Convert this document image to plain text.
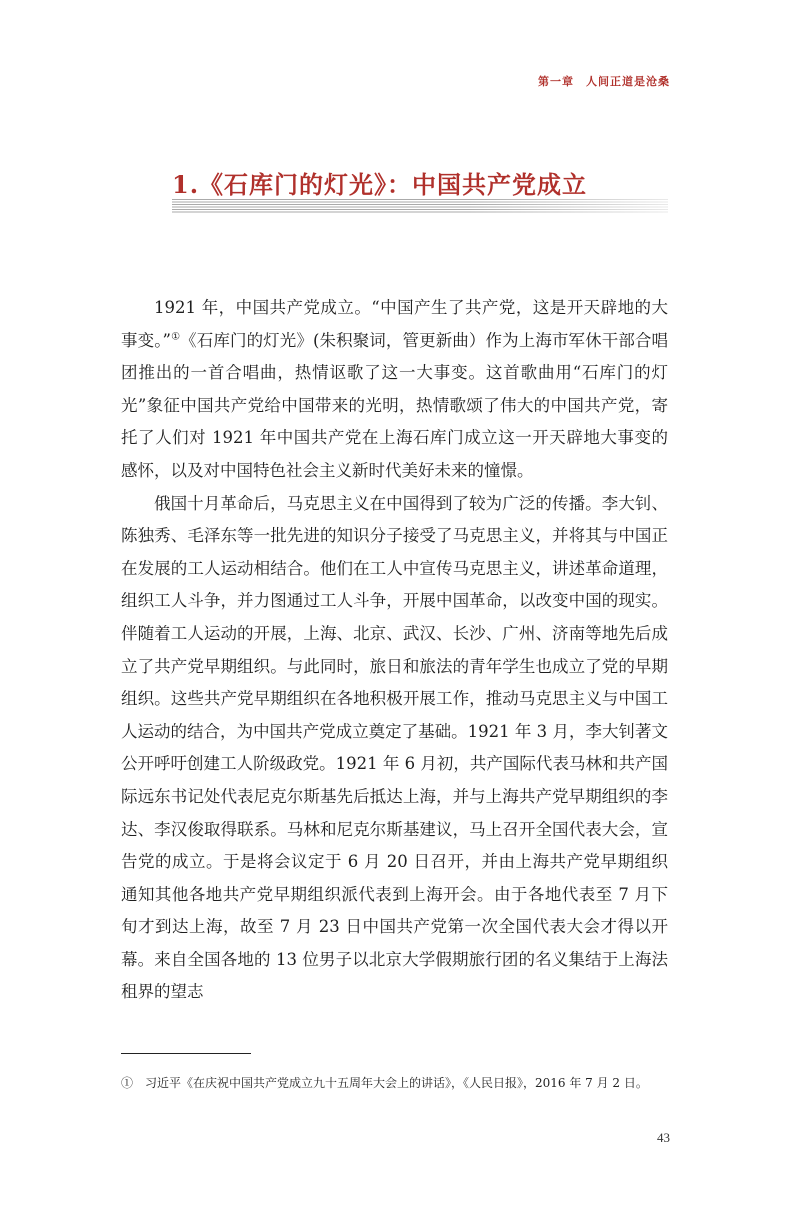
第一章　人间正道是沧桑
1.《石库门的灯光》：中国共产党成立

1921 年，中国共产党成立。“中国产生了共产党，这是开天辟地的大事变。”①《石库门的灯光》(朱积聚词，管更新曲）作为上海市军休干部合唱团推出的一首合唱曲，热情讴歌了这一大事变。这首歌曲用“石库门的灯光”象征中国共产党给中国带来的光明，热情歌颂了伟大的中国共产党，寄托了人们对 1921 年中国共产党在上海石库门成立这一开天辟地大事变的感怀，以及对中国特色社会主义新时代美好未来的憧憬。

俄国十月革命后，马克思主义在中国得到了较为广泛的传播。李大钊、陈独秀、毛泽东等一批先进的知识分子接受了马克思主义，并将其与中国正在发展的工人运动相结合。他们在工人中宣传马克思主义，讲述革命道理，组织工人斗争，并力图通过工人斗争，开展中国革命，以改变中国的现实。伴随着工人运动的开展，上海、北京、武汉、长沙、广州、济南等地先后成立了共产党早期组织。与此同时，旅日和旅法的青年学生也成立了党的早期组织。这些共产党早期组织在各地积极开展工作，推动马克思主义与中国工人运动的结合，为中国共产党成立奠定了基础。1921 年 3 月，李大钊著文公开呼吁创建工人阶级政党。1921 年 6 月初，共产国际代表马林和共产国际远东书记处代表尼克尔斯基先后抵达上海，并与上海共产党早期组织的李达、李汉俊取得联系。马林和尼克尔斯基建议，马上召开全国代表大会，宣告党的成立。于是将会议定于 6 月 20 日召开，并由上海共产党早期组织通知其他各地共产党早期组织派代表到上海开会。由于各地代表至 7 月下旬才到达上海，故至 7 月 23 日中国共产党第一次全国代表大会才得以开幕。来自全国各地的 13 位男子以北京大学假期旅行团的名义集结于上海法租界的望志

①　习近平《在庆祝中国共产党成立九十五周年大会上的讲话》，《人民日报》，2016 年 7 月 2 日。
43
